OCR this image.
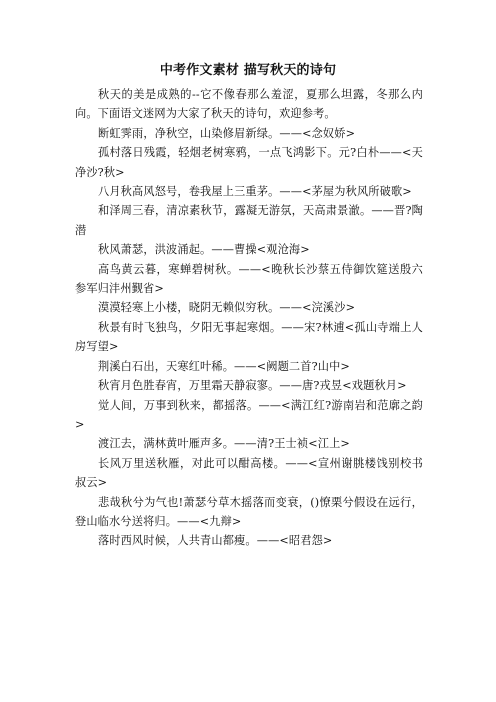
中考作文素材 描写秋天的诗句

秋天的美是成熟的--它不像春那么羞涩，夏那么坦露，冬那么内向。下面语文迷网为大家了秋天的诗句，欢迎参考。

断虹霁雨，净秋空，山染修眉新绿。——<念奴娇>

孤村落日残霞，轻烟老树寒鸦，一点飞鸿影下。元?白朴——<天净沙?秋>

八月秋高风怒号，卷我屋上三重茅。——<茅屋为秋风所破歌>

和泽周三春，清凉素秋节，露凝无游氛，天高肃景澈。——晋?陶潜

秋风萧瑟，洪波涌起。——曹操<观沧海>

高鸟黄云暮，寒蝉碧树秋。——<晚秋长沙蔡五侍御饮筵送殷六参军归沣州觐省>

漠漠轻寒上小楼，晓阴无赖似穷秋。——<浣溪沙>

秋景有时飞独鸟，夕阳无事起寒烟。——宋?林逋<孤山寺端上人房写望>

荆溪白石出，天寒红叶稀。——<阙题二首?山中>

秋宵月色胜春宵，万里霜天静寂寥。——唐?戎昱<戏题秋月>

觉人间，万事到秋来，都摇落。——<满江红?游南岩和范廓之韵>

渡江去，满林黄叶雁声多。——清?王士祯<江上>

长风万里送秋雁，对此可以酣高楼。——<宣州谢朓楼饯别校书叔云>

悲哉秋兮为气也!萧瑟兮草木摇落而变衰，()憭栗兮假设在远行，登山临水兮送将归。——<九辩>

落时西风时候，人共青山都瘦。——<昭君怨>
